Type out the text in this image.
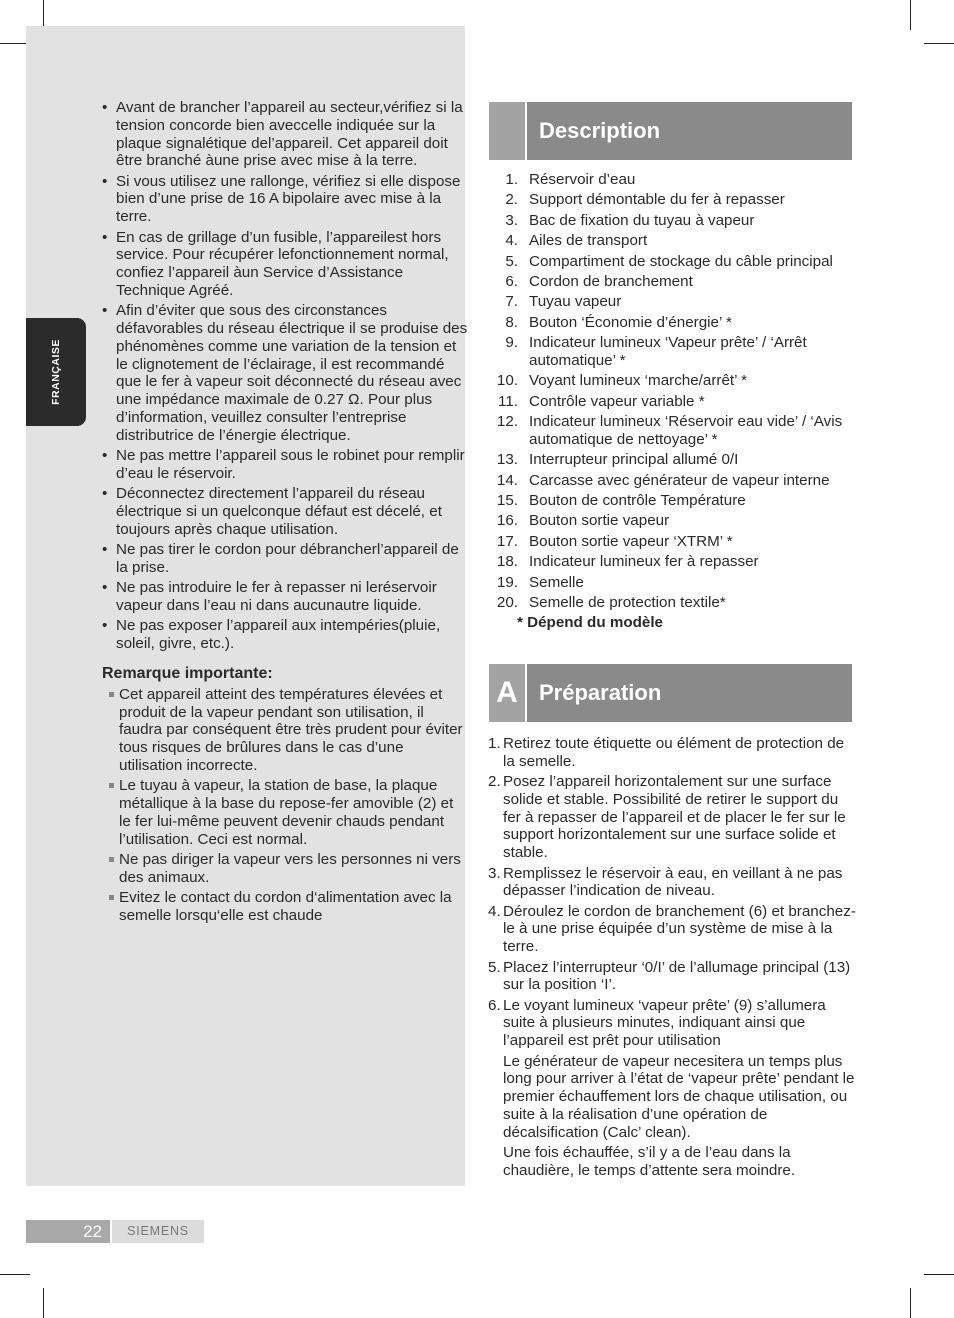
FRANÇAISE
• Avant de brancher l’appareil au secteur,vérifiez si la tension concorde bien aveccelle indiquée sur la plaque signalétique del’appareil. Cet appareil doit être branché àune prise avec mise à la terre.
• Si vous utilisez une rallonge, vérifiez si elle dispose bien d’une prise de 16 A bipolaire avec mise à la terre.
• En cas de grillage d’un fusible, l’appareilest hors service. Pour récupérer lefonctionnement normal, confiez l’appareil àun Service d’Assistance Technique Agréé.
• Afin d’éviter que sous des circonstances défavorables du réseau électrique il se produise des phénomènes comme une variation de la tension et le clignotement de l’éclairage, il est recommandé que le fer à vapeur soit déconnecté du réseau avec une impédance maximale de 0.27 Ω. Pour plus d’information, veuillez consulter l’entreprise distributrice de l’énergie électrique.
• Ne pas mettre l’appareil sous le robinet pour remplir d’eau le réservoir.
• Déconnectez directement l’appareil du réseau électrique si un quelconque défaut est décelé, et toujours après chaque utilisation.
• Ne pas tirer le cordon pour débrancherl’appareil de la prise.
• Ne pas introduire le fer à repasser ni leréservoir vapeur dans l’eau ni dans aucunautre liquide.
• Ne pas exposer l’appareil aux intempéries(pluie, soleil, givre, etc.).
Remarque importante:
Cet appareil atteint des températures élevées et produit de la vapeur pendant son utilisation, il faudra par conséquent être très prudent pour éviter tous risques de brûlures dans le cas d’une utilisation incorrecte.
Le tuyau à vapeur, la station de base, la plaque métallique à la base du repose-fer amovible (2) et le fer lui-même peuvent devenir chauds pendant l’utilisation. Ceci est normal.
Ne pas diriger la vapeur vers les personnes ni vers des animaux.
Evitez le contact du cordon d‘alimentation avec la semelle lorsqu‘elle est chaude
Description
1. Réservoir d’eau
2. Support démontable du fer à repasser
3. Bac de fixation du tuyau à vapeur
4. Ailes de transport
5. Compartiment de stockage du câble principal
6. Cordon de branchement
7. Tuyau vapeur
8. Bouton ‘Économie d’énergie’ *
9. Indicateur lumineux ‘Vapeur prête’ / ‘Arrêt automatique’ *
10. Voyant lumineux ‘marche/arrêt’ *
11. Contrôle vapeur variable *
12. Indicateur lumineux ‘Réservoir eau vide’ / ‘Avis automatique de nettoyage’ *
13. Interrupteur principal allumé 0/I
14. Carcasse avec générateur de vapeur interne
15. Bouton de contrôle Température
16. Bouton sortie vapeur
17. Bouton sortie vapeur ‘XTRM’ *
18. Indicateur lumineux fer à repasser
19. Semelle
20. Semelle de protection textile*
* Dépend du modèle
A Préparation
1. Retirez toute étiquette ou élément de protection de la semelle.
2. Posez l’appareil horizontalement sur une surface solide et stable. Possibilité de retirer le support du fer à repasser de l’appareil et de placer le fer sur le support horizontalement sur une surface solide et stable.
3. Remplissez le réservoir à eau, en veillant à ne pas dépasser l’indication de niveau.
4. Déroulez le cordon de branchement (6) et branchez-le à une prise équipée d’un système de mise à la terre.
5. Placez l’interrupteur ‘0/I’ de l’allumage principal (13) sur la position ‘I’.
6. Le voyant lumineux ‘vapeur prête’ (9) s’allumera suite à plusieurs minutes, indiquant ainsi que l’appareil est prêt pour utilisation
Le générateur de vapeur necesitera un temps plus long pour arriver à l’état de ‘vapeur prête’ pendant le premier échauffement lors de chaque utilisation, ou suite à la réalisation d’une opération de décalsification (Calc’ clean).
Une fois échauffée, s’il y a de l’eau dans la chaudière, le temps d’attente sera moindre.
22	SIEMENS
